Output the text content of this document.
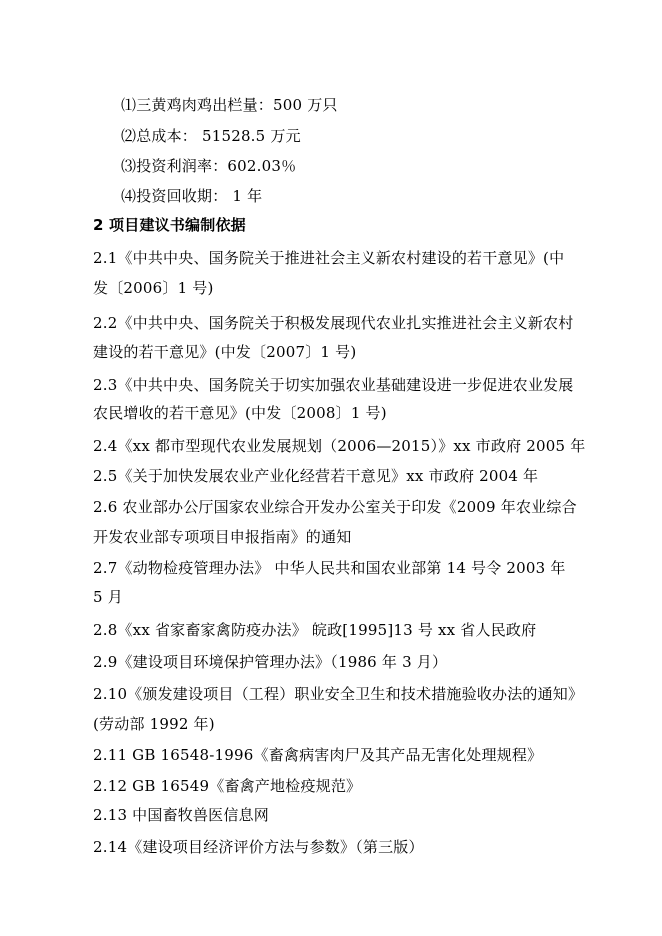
⑴三黄鸡肉鸡出栏量：500 万只
⑵总成本： 51528.5 万元
⑶投资利润率：602.03％
⑷投资回收期： 1 年
2 项目建议书编制依据
2.1《中共中央、国务院关于推进社会主义新农村建设的若干意见》(中
发〔2006〕1 号)
2.2《中共中央、国务院关于积极发展现代农业扎实推进社会主义新农村
建设的若干意见》(中发〔2007〕1 号)
2.3《中共中央、国务院关于切实加强农业基础建设进一步促进农业发展
农民增收的若干意见》(中发〔2008〕1 号)
2.4《xx 都市型现代农业发展规划（2006—2015）》xx 市政府 2005 年
2.5《关于加快发展农业产业化经营若干意见》xx 市政府 2004 年
2.6 农业部办公厅国家农业综合开发办公室关于印发《2009 年农业综合
开发农业部专项项目申报指南》的通知
2.7《动物检疫管理办法》 中华人民共和国农业部第 14 号令 2003 年
5 月
2.8《xx 省家畜家禽防疫办法》 皖政[1995]13 号 xx 省人民政府
2.9《建设项目环境保护管理办法》（1986 年 3 月）
2.10《颁发建设项目（工程）职业安全卫生和技术措施验收办法的通知》
(劳动部 1992 年)
2.11 GB 16548-1996《畜禽病害肉尸及其产品无害化处理规程》
2.12 GB 16549《畜禽产地检疫规范》
2.13 中国畜牧兽医信息网
2.14《建设项目经济评价方法与参数》（第三版）
